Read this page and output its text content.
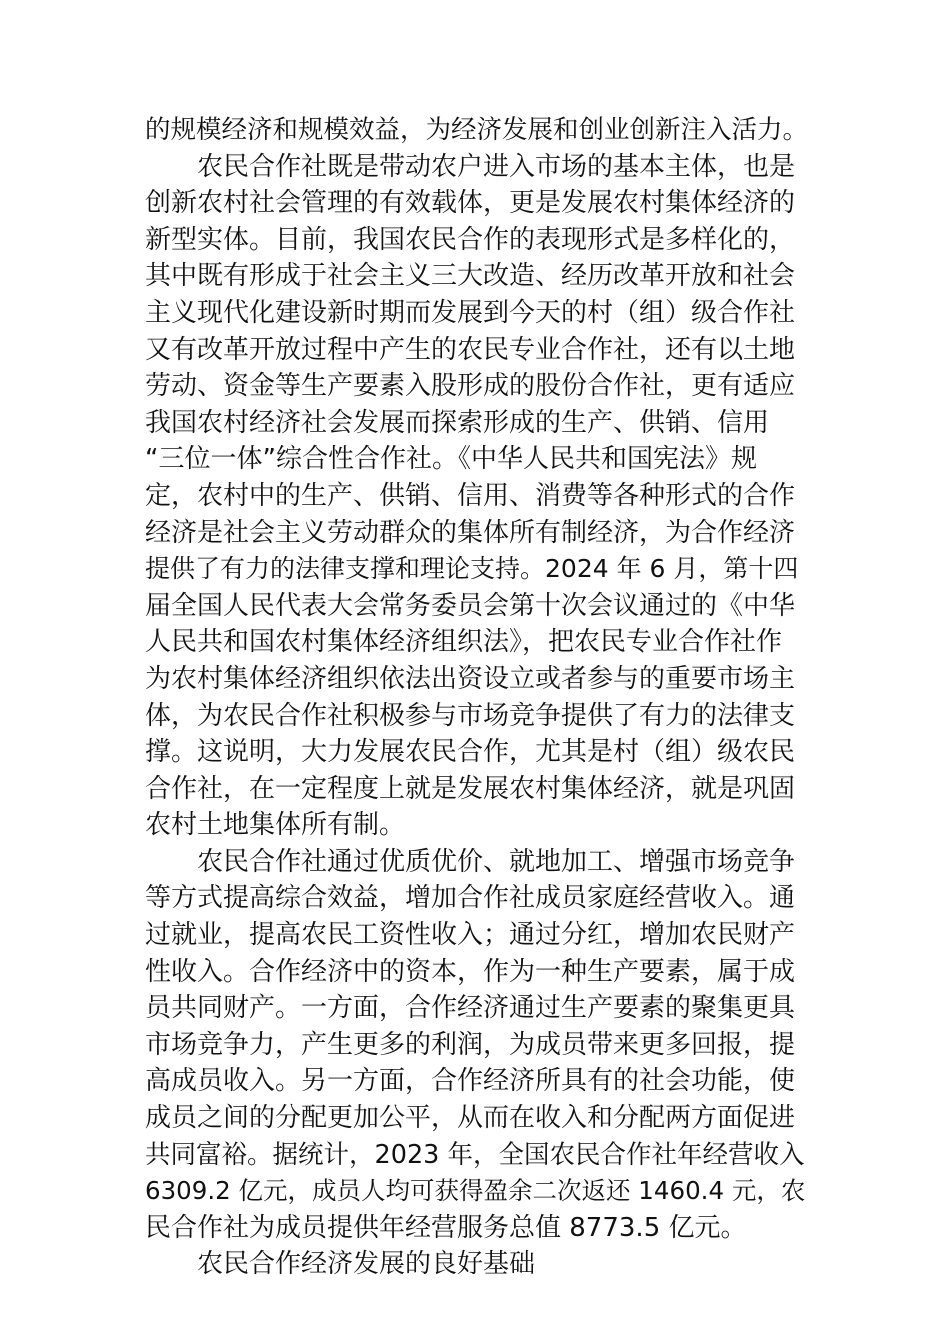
的规模经济和规模效益，为经济发展和创业创新注入活力。
农民合作社既是带动农户进入市场的基本主体，也是
创新农村社会管理的有效载体，更是发展农村集体经济的
新型实体。目前，我国农民合作的表现形式是多样化的，
其中既有形成于社会主义三大改造、经历改革开放和社会
主义现代化建设新时期而发展到今天的村（组）级合作社
又有改革开放过程中产生的农民专业合作社，还有以土地
劳动、资金等生产要素入股形成的股份合作社，更有适应
我国农村经济社会发展而探索形成的生产、供销、信用
“三位一体”综合性合作社。《中华人民共和国宪法》规
定，农村中的生产、供销、信用、消费等各种形式的合作
经济是社会主义劳动群众的集体所有制经济，为合作经济
提供了有力的法律支撑和理论支持。2024 年 6 月，第十四
届全国人民代表大会常务委员会第十次会议通过的《中华
人民共和国农村集体经济组织法》，把农民专业合作社作
为农村集体经济组织依法出资设立或者参与的重要市场主
体，为农民合作社积极参与市场竞争提供了有力的法律支
撑。这说明，大力发展农民合作，尤其是村（组）级农民
合作社，在一定程度上就是发展农村集体经济，就是巩固
农村土地集体所有制。
农民合作社通过优质优价、就地加工、增强市场竞争
等方式提高综合效益，增加合作社成员家庭经营收入。通
过就业，提高农民工资性收入；通过分红，增加农民财产
性收入。合作经济中的资本，作为一种生产要素，属于成
员共同财产。一方面，合作经济通过生产要素的聚集更具
市场竞争力，产生更多的利润，为成员带来更多回报，提
高成员收入。另一方面，合作经济所具有的社会功能，使
成员之间的分配更加公平，从而在收入和分配两方面促进
共同富裕。据统计，2023 年，全国农民合作社年经营收入
6309.2 亿元，成员人均可获得盈余二次返还 1460.4 元，农
民合作社为成员提供年经营服务总值 8773.5 亿元。
农民合作经济发展的良好基础
